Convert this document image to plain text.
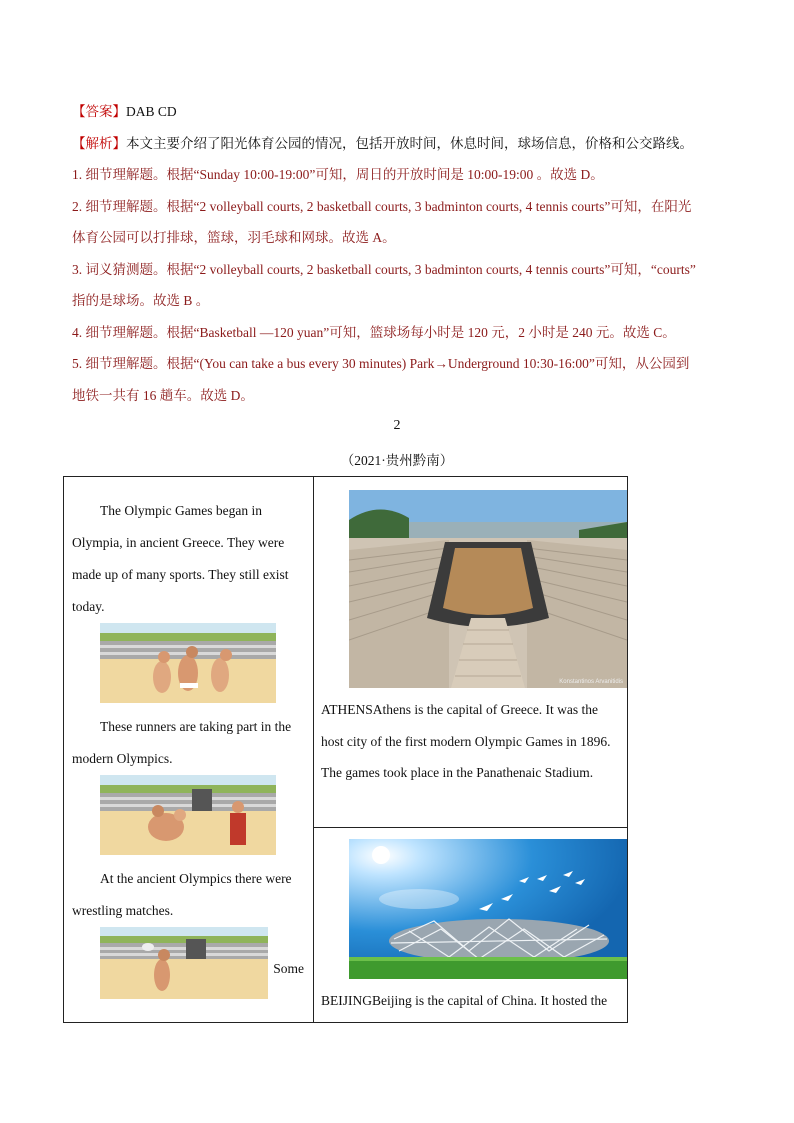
【答案】DAB CD
【解析】本文主要介绍了阳光体育公园的情况，包括开放时间，休息时间，球场信息，价格和公交路线。
1. 细节理解题。根据“Sunday 10:00-19:00”可知，周日的开放时间是 10:00-19:00 。故选 D。
2. 细节理解题。根据“2 volleyball courts, 2 basketball courts, 3 badminton courts, 4 tennis courts”可知，在阳光
体育公园可以打排球，篮球，羽毛球和网球。故选 A。
3. 词义猜测题。根据“2 volleyball courts, 2 basketball courts, 3 badminton courts, 4 tennis courts”可知，“courts”
指的是球场。故选 B 。
4. 细节理解题。根据“Basketball —120 yuan”可知，篮球场每小时是 120 元，2 小时是 240 元。故选 C。
5. 细节理解题。根据“(You can take a bus every 30 minutes) Park→Underground 10:30-16:00”可知，从公园到
地铁一共有 16 趟车。故选 D。
2
（2021·贵州黔南）

The Olympic Games began in Olympia, in ancient Greece. They were made up of many sports. They still exist today.

These runners are taking part in the modern Olympics.

At the ancient Olympics there were wrestling matches.

Some
Konstantinos Arvanitidis

ATHENSAthens is the capital of Greece. It was the host city of the first modern Olympic Games in 1896. The games took place in the Panathenaic Stadium.

BEIJINGBeijing is the capital of China. It hosted the
